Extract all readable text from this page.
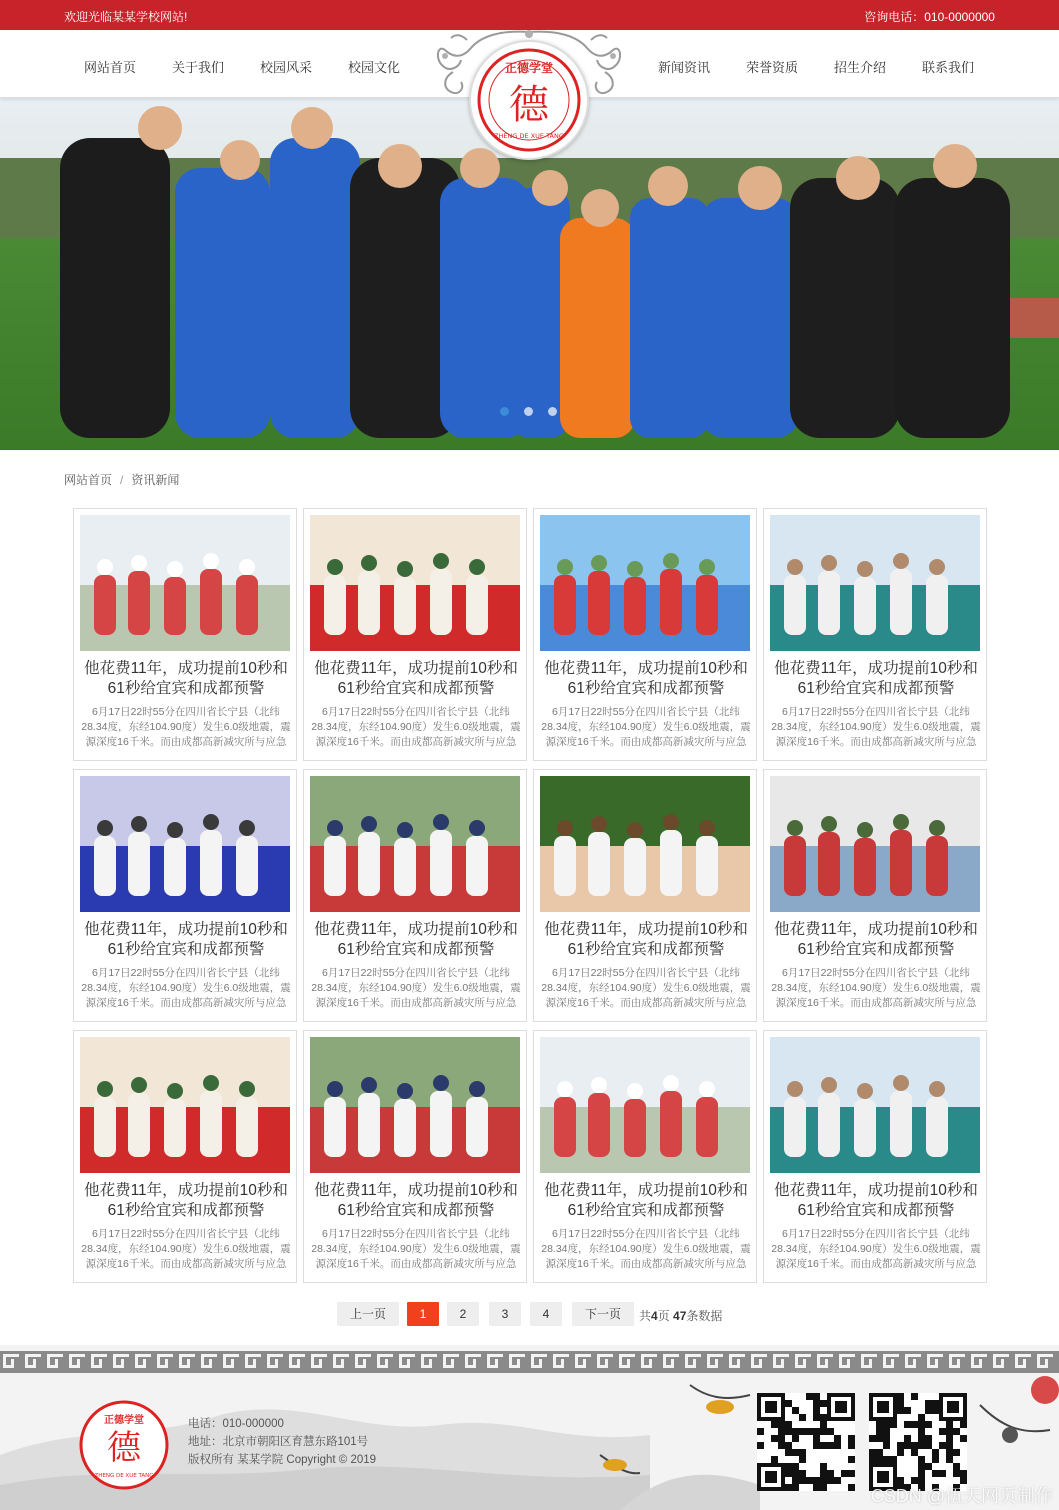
欢迎光临某某学校网站!	咨询电话：010-0000000
网站首页	关于我们	校园风采	校园文化	新闻资讯	荣誉资质	招生介绍	联系我们
正德学堂
德
ZHENG DE XUE TANG
网站首页 / 资讯新闻
他花费11年，成功提前10秒和61秒给宜宾和成都预警
6月17日22时55分在四川省长宁县（北纬28.34度，东经104.90度）发生6.0级地震，震源深度16千米。而由成都高新减灾所与应急
他花费11年，成功提前10秒和61秒给宜宾和成都预警
6月17日22时55分在四川省长宁县（北纬28.34度，东经104.90度）发生6.0级地震，震源深度16千米。而由成都高新减灾所与应急
他花费11年，成功提前10秒和61秒给宜宾和成都预警
6月17日22时55分在四川省长宁县（北纬28.34度，东经104.90度）发生6.0级地震，震源深度16千米。而由成都高新减灾所与应急
他花费11年，成功提前10秒和61秒给宜宾和成都预警
6月17日22时55分在四川省长宁县（北纬28.34度，东经104.90度）发生6.0级地震，震源深度16千米。而由成都高新减灾所与应急
他花费11年，成功提前10秒和61秒给宜宾和成都预警
6月17日22时55分在四川省长宁县（北纬28.34度，东经104.90度）发生6.0级地震，震源深度16千米。而由成都高新减灾所与应急
他花费11年，成功提前10秒和61秒给宜宾和成都预警
6月17日22时55分在四川省长宁县（北纬28.34度，东经104.90度）发生6.0级地震，震源深度16千米。而由成都高新减灾所与应急
他花费11年，成功提前10秒和61秒给宜宾和成都预警
6月17日22时55分在四川省长宁县（北纬28.34度，东经104.90度）发生6.0级地震，震源深度16千米。而由成都高新减灾所与应急
他花费11年，成功提前10秒和61秒给宜宾和成都预警
6月17日22时55分在四川省长宁县（北纬28.34度，东经104.90度）发生6.0级地震，震源深度16千米。而由成都高新减灾所与应急
他花费11年，成功提前10秒和61秒给宜宾和成都预警
6月17日22时55分在四川省长宁县（北纬28.34度，东经104.90度）发生6.0级地震，震源深度16千米。而由成都高新减灾所与应急
他花费11年，成功提前10秒和61秒给宜宾和成都预警
6月17日22时55分在四川省长宁县（北纬28.34度，东经104.90度）发生6.0级地震，震源深度16千米。而由成都高新减灾所与应急
他花费11年，成功提前10秒和61秒给宜宾和成都预警
6月17日22时55分在四川省长宁县（北纬28.34度，东经104.90度）发生6.0级地震，震源深度16千米。而由成都高新减灾所与应急
他花费11年，成功提前10秒和61秒给宜宾和成都预警
6月17日22时55分在四川省长宁县（北纬28.34度，东经104.90度）发生6.0级地震，震源深度16千米。而由成都高新减灾所与应急
上一页	1	2	3	4	下一页	共4页 47条数据
正德学堂
德
ZHENG DE XUE TANG
电话：010-000000
地址：北京市朝阳区育慧东路101号
版权所有 某某学院 Copyright © 2019
CSDN @伍天网页制作
